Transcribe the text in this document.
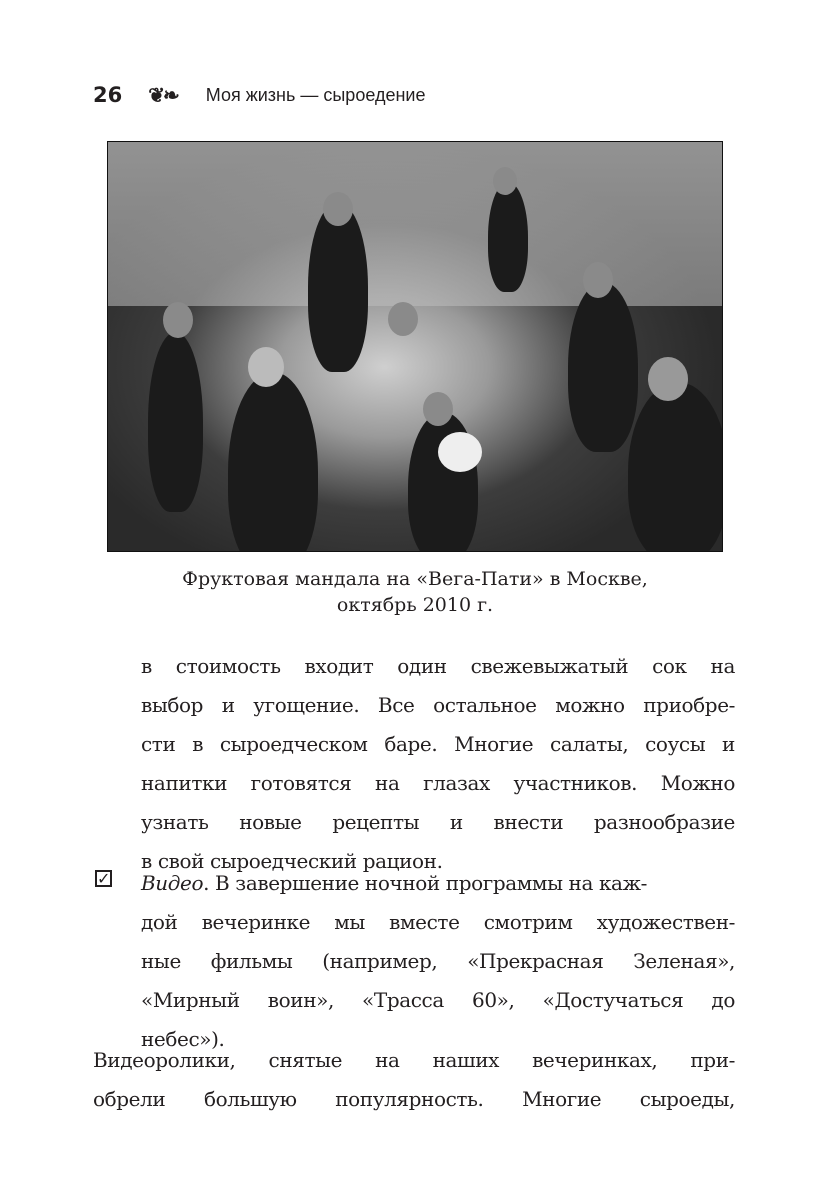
26 ❦❧ Моя жизнь — сыроедение
Фруктовая мандала на «Вега-Пати» в Москве,
октябрь 2010 г.
в стоимость входит один свежевыжатый сок на
выбор и угощение. Все остальное можно приобре-
сти в сыроедческом баре. Многие салаты, соусы и
напитки готовятся на глазах участников. Можно
узнать новые рецепты и внести разнообразие
в свой сыроедческий рацион.
✓ Видео. В завершение ночной программы на каж-
дой вечеринке мы вместе смотрим художествен-
ные фильмы (например, «Прекрасная Зеленая»,
«Мирный воин», «Трасса 60», «Достучаться до
небес»).
Видеоролики, снятые на наших вечеринках, при-
обрели большую популярность. Многие сыроеды,
